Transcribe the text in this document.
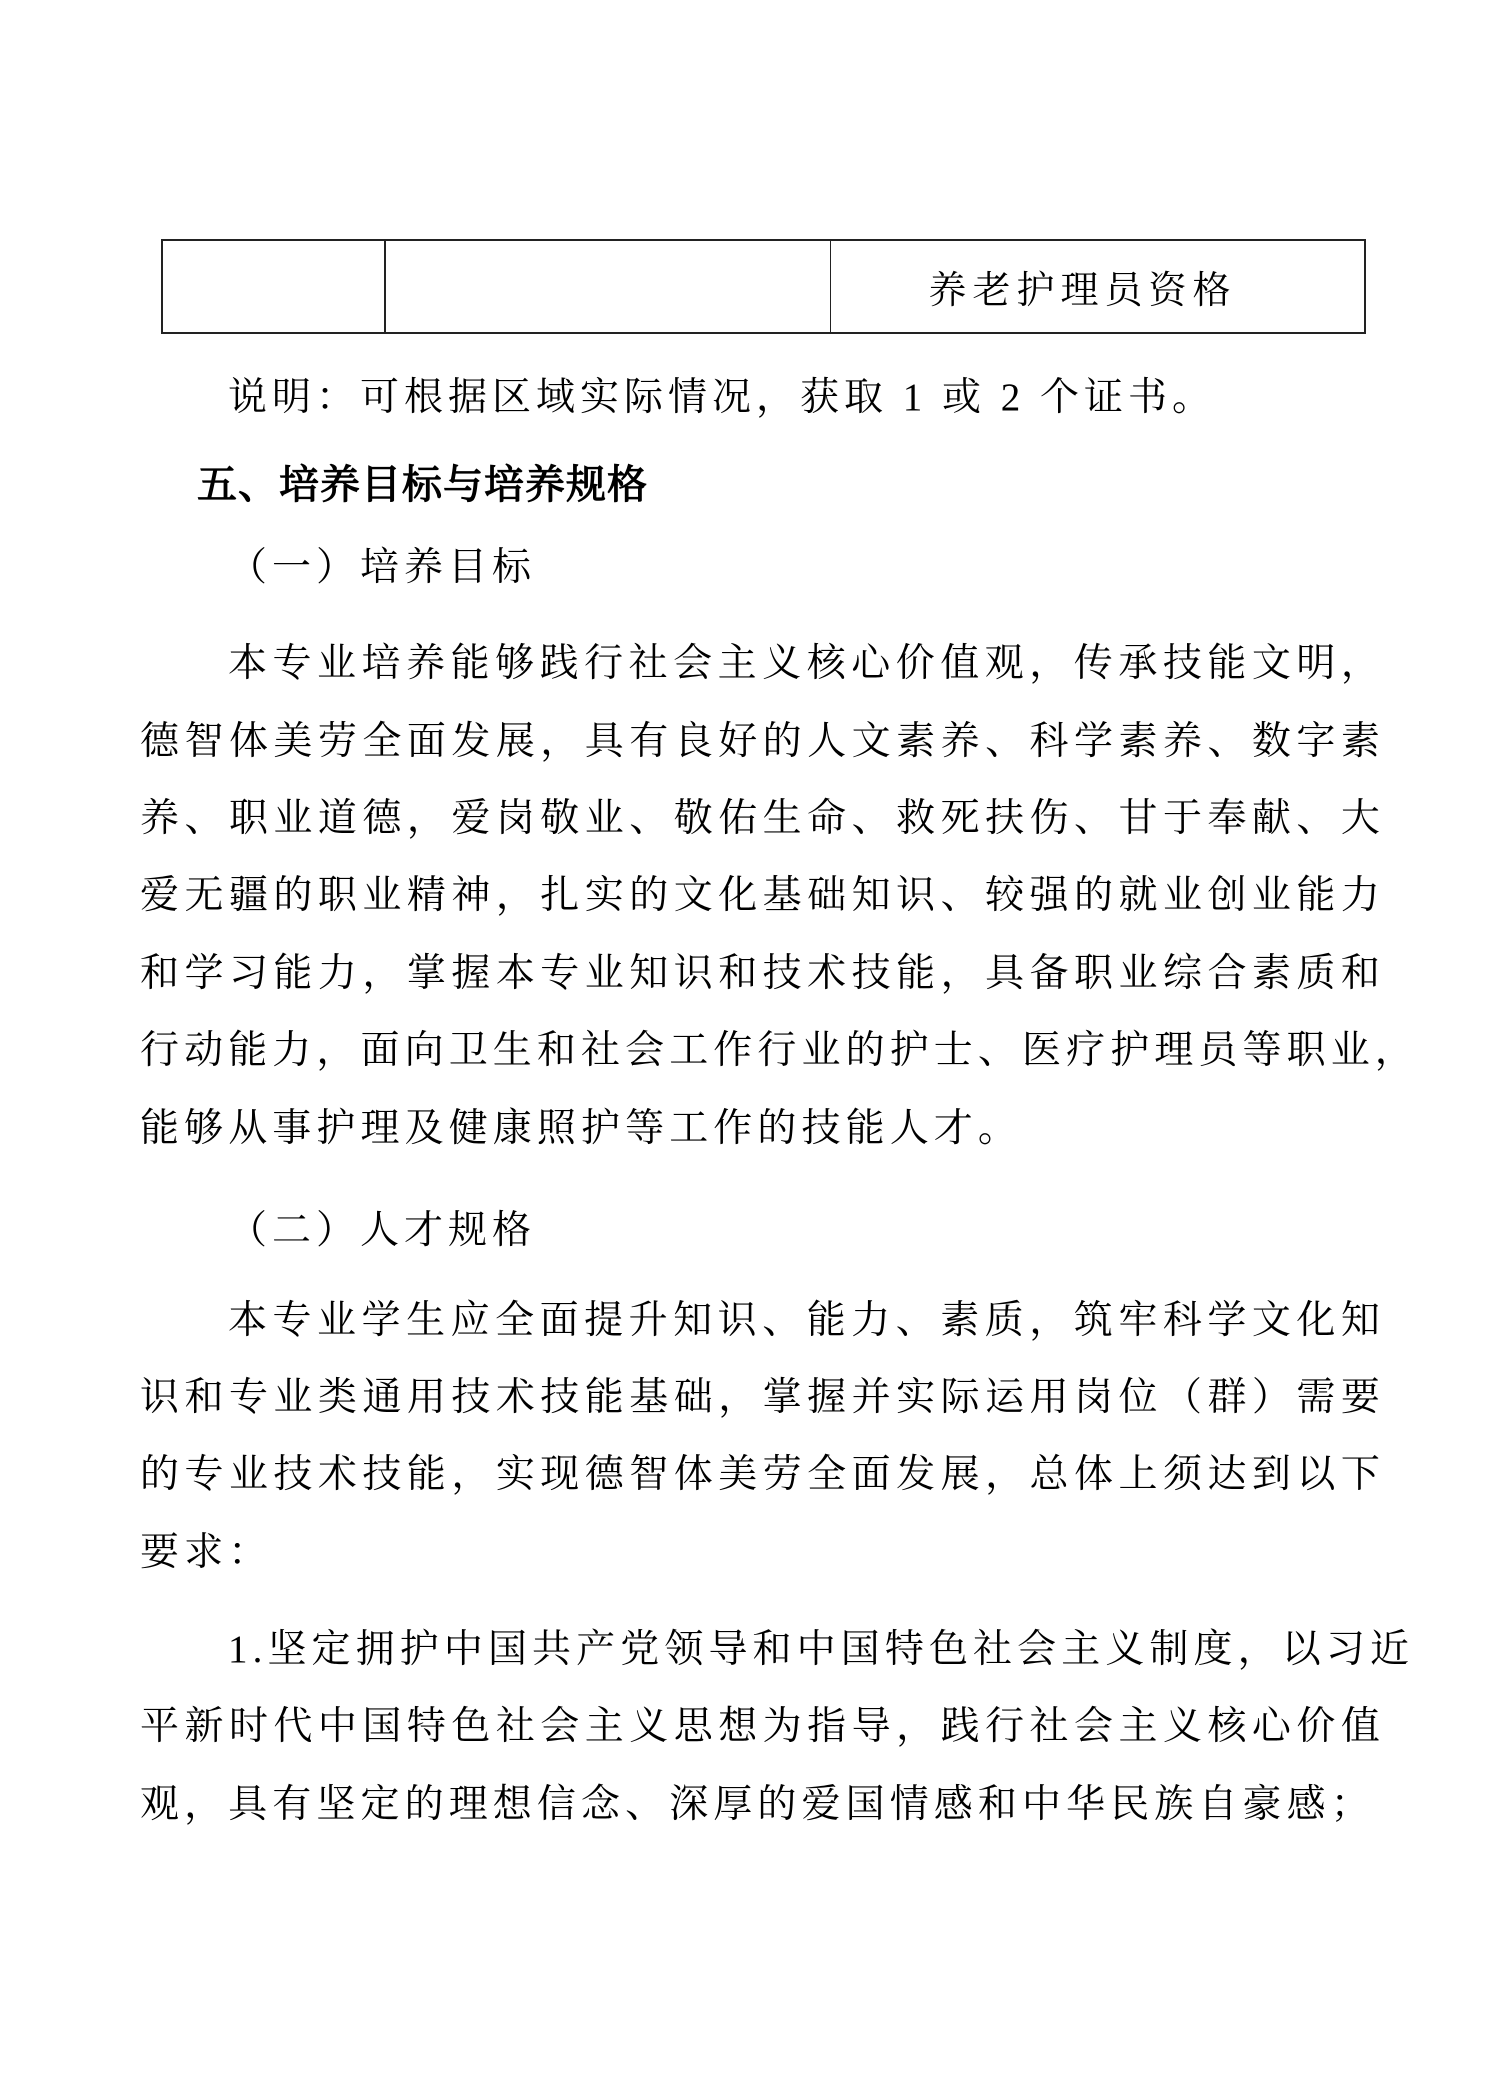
养老护理员资格
说明：可根据区域实际情况，获取 1 或 2 个证书。
五、培养目标与培养规格
（一）培养目标
本专业培养能够践行社会主义核心价值观，传承技能文明，
德智体美劳全面发展，具有良好的人文素养、科学素养、数字素
养、职业道德，爱岗敬业、敬佑生命、救死扶伤、甘于奉献、大
爱无疆的职业精神，扎实的文化基础知识、较强的就业创业能力
和学习能力，掌握本专业知识和技术技能，具备职业综合素质和
行动能力，面向卫生和社会工作行业的护士、医疗护理员等职业，
能够从事护理及健康照护等工作的技能人才。
（二）人才规格
本专业学生应全面提升知识、能力、素质，筑牢科学文化知
识和专业类通用技术技能基础，掌握并实际运用岗位（群）需要
的专业技术技能，实现德智体美劳全面发展，总体上须达到以下
要求：
1.坚定拥护中国共产党领导和中国特色社会主义制度，以习近
平新时代中国特色社会主义思想为指导，践行社会主义核心价值
观，具有坚定的理想信念、深厚的爱国情感和中华民族自豪感；
